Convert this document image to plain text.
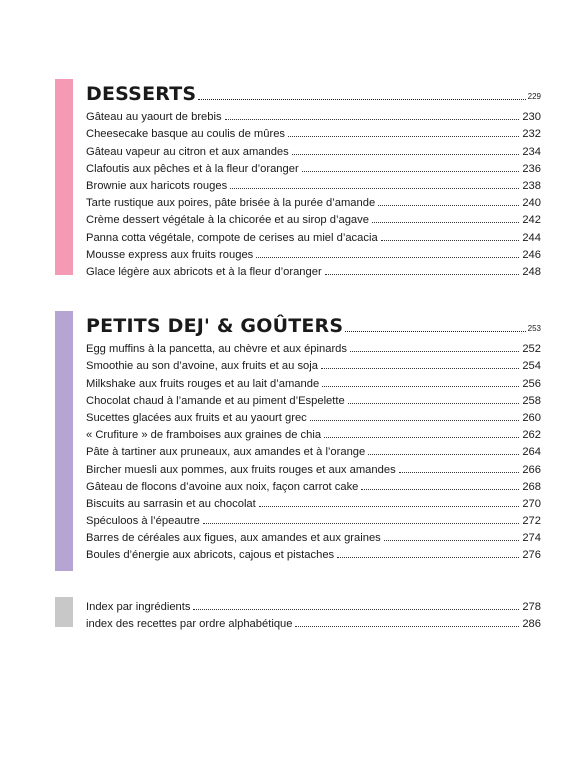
DESSERTS	229
Gâteau au yaourt de brebis	230
Cheesecake basque au coulis de mûres	232
Gâteau vapeur au citron et aux amandes	234
Clafoutis aux pêches et à la fleur d’oranger	236
Brownie aux haricots rouges	238
Tarte rustique aux poires, pâte brisée à la purée d’amande	240
Crème dessert végétale à la chicorée et au sirop d’agave	242
Panna cotta végétale, compote de cerises au miel d’acacia	244
Mousse express aux fruits rouges	246
Glace légère aux abricots et à la fleur d’oranger	248
PETITS DEJ' & GOÛTERS	253
Egg muffins à la pancetta, au chèvre et aux épinards	252
Smoothie au son d’avoine, aux fruits et au soja	254
Milkshake aux fruits rouges et au lait d’amande	256
Chocolat chaud à l’amande et au piment d’Espelette	258
Sucettes glacées aux fruits et au yaourt grec	260
« Crufiture » de framboises aux graines de chia	262
Pâte à tartiner aux pruneaux, aux amandes et à l’orange	264
Bircher muesli aux pommes, aux fruits rouges et aux amandes	266
Gâteau de flocons d’avoine aux noix, façon carrot cake	268
Biscuits au sarrasin et au chocolat	270
Spéculoos à l’épeautre	272
Barres de céréales aux figues, aux amandes et aux graines	274
Boules d’énergie aux abricots, cajous et pistaches	276
Index par ingrédients	278
index des recettes par ordre alphabétique	286
